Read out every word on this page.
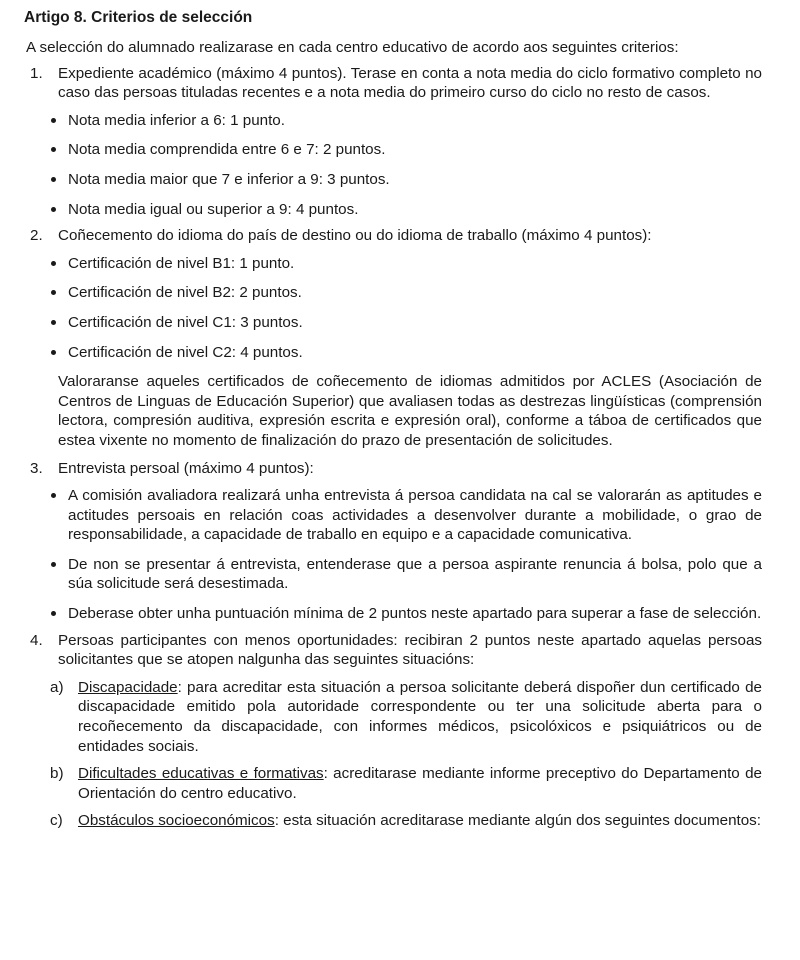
Artigo 8. Criterios de selección
A selección do alumnado realizarase en cada centro educativo de acordo aos seguintes criterios:
1. Expediente académico (máximo 4 puntos). Terase en conta a nota media do ciclo formativo completo no caso das persoas tituladas recentes e a nota media do primeiro curso do ciclo no resto de casos.
Nota media inferior a 6: 1 punto.
Nota media comprendida entre 6 e 7: 2 puntos.
Nota media maior que 7 e inferior a 9: 3 puntos.
Nota media igual ou superior a 9: 4 puntos.
2. Coñecemento do idioma do país de destino ou do idioma de traballo (máximo 4 puntos):
Certificación de nivel B1: 1 punto.
Certificación de nivel B2: 2 puntos.
Certificación de nivel C1: 3 puntos.
Certificación de nivel C2: 4 puntos.
Valoraranse aqueles certificados de coñecemento de idiomas admitidos por ACLES (Asociación de Centros de Linguas de Educación Superior) que avaliasen todas as destrezas lingüísticas (comprensión lectora, compresión auditiva, expresión escrita e expresión oral), conforme a táboa de certificados que estea vixente no momento de finalización do prazo de presentación de solicitudes.
3. Entrevista persoal (máximo 4 puntos):
A comisión avaliadora realizará unha entrevista á persoa candidata na cal se valorarán as aptitudes e actitudes persoais en relación coas actividades a desenvolver durante a mobilidade, o grao de responsabilidade, a capacidade de traballo en equipo e a capacidade comunicativa.
De non se presentar á entrevista, entenderase que a persoa aspirante renuncia á bolsa, polo que a súa solicitude será desestimada.
Deberase obter unha puntuación mínima de 2 puntos neste apartado para superar a fase de selección.
4. Persoas participantes con menos oportunidades: recibiran 2 puntos neste apartado aquelas persoas solicitantes que se atopen nalgunha das seguintes situacións:
a) Discapacidade: para acreditar esta situación a persoa solicitante deberá dispoñer dun certificado de discapacidade emitido pola autoridade correspondente ou ter una solicitude aberta para o recoñecemento da discapacidade, con informes médicos, psicolóxicos e psiquiátricos ou de entidades sociais.
b) Dificultades educativas e formativas: acreditarase mediante informe preceptivo do Departamento de Orientación do centro educativo.
c) Obstáculos socioeconómicos: esta situación acreditarase mediante algún dos seguintes documentos:
